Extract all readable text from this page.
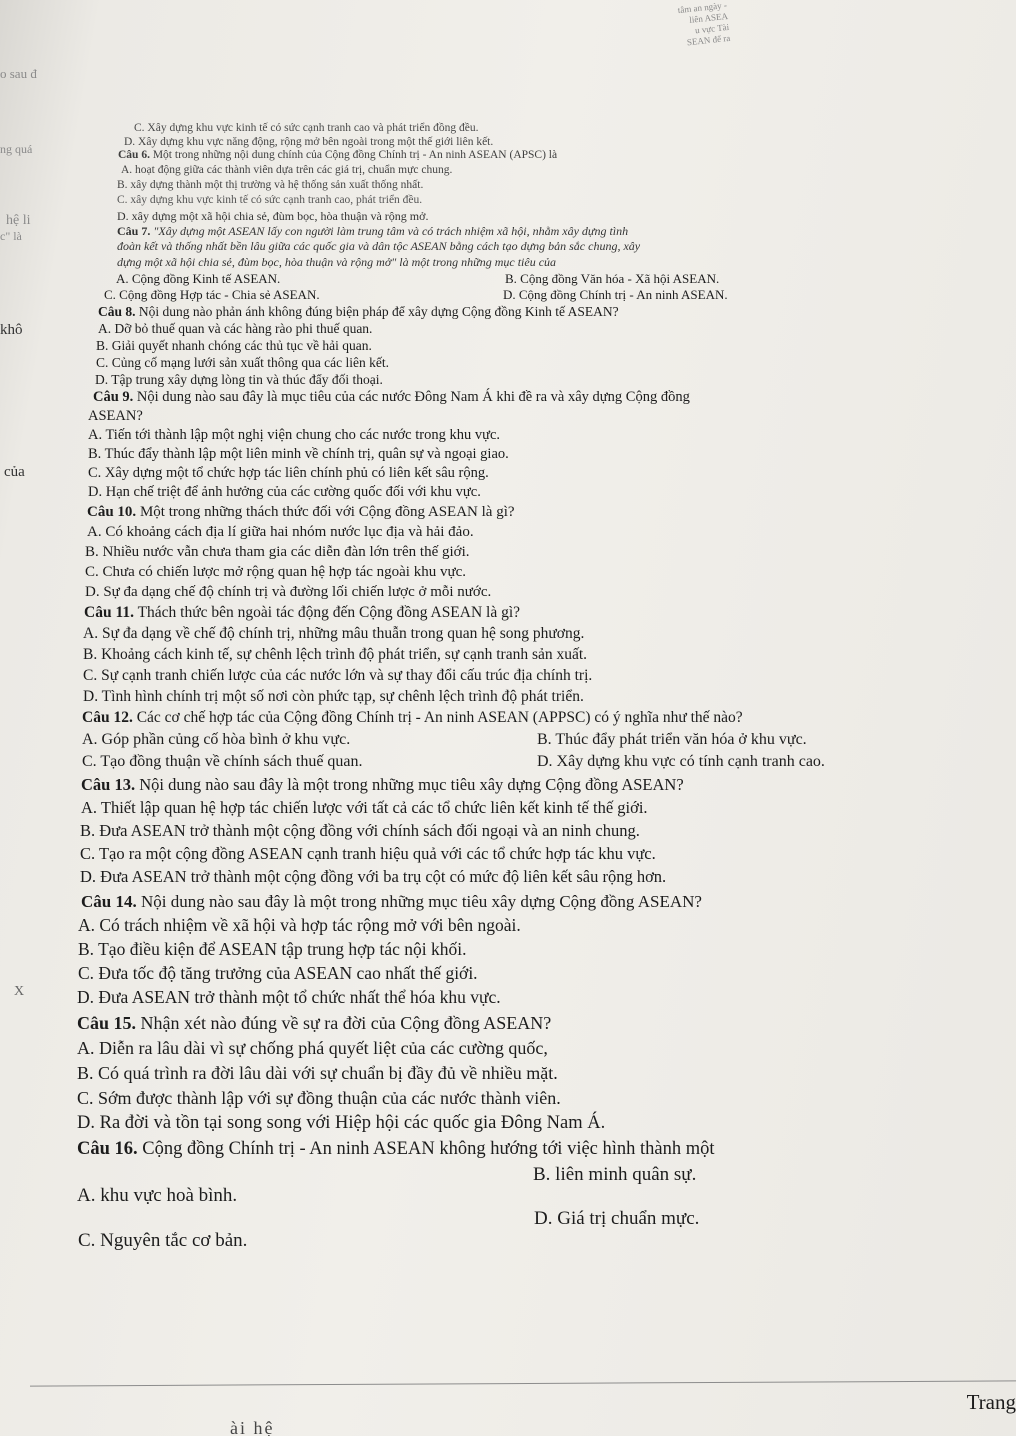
tâm an ngày -
liên ASEA
u vực Tài
SEAN để ra
o sau đ
ng quá
hệ li
c" là
khô
của
X
C. Xây dựng khu vực kinh tế có sức cạnh tranh cao và phát triển đồng đều.
D. Xây dựng khu vực năng động, rộng mở bên ngoài trong một thế giới liên kết.
Câu 6. Một trong những nội dung chính của Cộng đồng Chính trị - An ninh ASEAN (APSC) là
A. hoạt động giữa các thành viên dựa trên các giá trị, chuẩn mực chung.
B. xây dựng thành một thị trường và hệ thống sản xuất thống nhất.
C. xây dựng khu vực kinh tế có sức cạnh tranh cao, phát triển đều.
D. xây dựng một xã hội chia sẻ, đùm bọc, hòa thuận và rộng mở.
Câu 7. "Xây dựng một ASEAN lấy con người làm trung tâm và có trách nhiệm xã hội, nhằm xây dựng tình
đoàn kết và thống nhất bền lâu giữa các quốc gia và dân tộc ASEAN bằng cách tạo dựng bản sắc chung, xây
dựng một xã hội chia sẻ, đùm bọc, hòa thuận và rộng mở" là một trong những mục tiêu của
A. Cộng đồng Kinh tế ASEAN.	B. Cộng đồng Văn hóa - Xã hội ASEAN.
C. Cộng đồng Hợp tác - Chia sẻ ASEAN.	D. Cộng đồng Chính trị - An ninh ASEAN.
Câu 8. Nội dung nào phản ánh không đúng biện pháp để xây dựng Cộng đồng Kinh tế ASEAN?
A. Dỡ bỏ thuế quan và các hàng rào phi thuế quan.
B. Giải quyết nhanh chóng các thủ tục về hải quan.
C. Củng cố mạng lưới sản xuất thông qua các liên kết.
D. Tập trung xây dựng lòng tin và thúc đẩy đối thoại.
Câu 9. Nội dung nào sau đây là mục tiêu của các nước Đông Nam Á khi đề ra và xây dựng Cộng đồng
ASEAN?
A. Tiến tới thành lập một nghị viện chung cho các nước trong khu vực.
B. Thúc đẩy thành lập một liên minh về chính trị, quân sự và ngoại giao.
C. Xây dựng một tổ chức hợp tác liên chính phủ có liên kết sâu rộng.
D. Hạn chế triệt để ảnh hưởng của các cường quốc đối với khu vực.
Câu 10. Một trong những thách thức đối với Cộng đồng ASEAN là gì?
A. Có khoảng cách địa lí giữa hai nhóm nước lục địa và hải đảo.
B. Nhiều nước vẫn chưa tham gia các diễn đàn lớn trên thế giới.
C. Chưa có chiến lược mở rộng quan hệ hợp tác ngoài khu vực.
D. Sự đa dạng chế độ chính trị và đường lối chiến lược ở mỗi nước.
Câu 11. Thách thức bên ngoài tác động đến Cộng đồng ASEAN là gì?
A. Sự đa dạng về chế độ chính trị, những mâu thuẫn trong quan hệ song phương.
B. Khoảng cách kinh tế, sự chênh lệch trình độ phát triển, sự cạnh tranh sản xuất.
C. Sự cạnh tranh chiến lược của các nước lớn và sự thay đổi cấu trúc địa chính trị.
D. Tình hình chính trị một số nơi còn phức tạp, sự chênh lệch trình độ phát triển.
Câu 12. Các cơ chế hợp tác của Cộng đồng Chính trị - An ninh ASEAN (APPSC) có ý nghĩa như thế nào?
A. Góp phần củng cố hòa bình ở khu vực.	B. Thúc đẩy phát triển văn hóa ở khu vực.
C. Tạo đồng thuận về chính sách thuế quan.	D. Xây dựng khu vực có tính cạnh tranh cao.
Câu 13. Nội dung nào sau đây là một trong những mục tiêu xây dựng Cộng đồng ASEAN?
A. Thiết lập quan hệ hợp tác chiến lược với tất cả các tổ chức liên kết kinh tế thế giới.
B. Đưa ASEAN trở thành một cộng đồng với chính sách đối ngoại và an ninh chung.
C. Tạo ra một cộng đồng ASEAN cạnh tranh hiệu quả với các tổ chức hợp tác khu vực.
D. Đưa ASEAN trở thành một cộng đồng với ba trụ cột có mức độ liên kết sâu rộng hơn.
Câu 14. Nội dung nào sau đây là một trong những mục tiêu xây dựng Cộng đồng ASEAN?
A. Có trách nhiệm về xã hội và hợp tác rộng mở với bên ngoài.
B. Tạo điều kiện để ASEAN tập trung hợp tác nội khối.
C. Đưa tốc độ tăng trưởng của ASEAN cao nhất thế giới.
D. Đưa ASEAN trở thành một tổ chức nhất thể hóa khu vực.
Câu 15. Nhận xét nào đúng về sự ra đời của Cộng đồng ASEAN?
A. Diễn ra lâu dài vì sự chống phá quyết liệt của các cường quốc,
B. Có quá trình ra đời lâu dài với sự chuẩn bị đầy đủ về nhiều mặt.
C. Sớm được thành lập với sự đồng thuận của các nước thành viên.
D. Ra đời và tồn tại song song với Hiệp hội các quốc gia Đông Nam Á.
Câu 16. Cộng đồng Chính trị - An ninh ASEAN không hướng tới việc hình thành một
B. liên minh quân sự.
A. khu vực hoà bình.
D. Giá trị chuẩn mực.
C. Nguyên tắc cơ bản.
Trang
ài hệ
